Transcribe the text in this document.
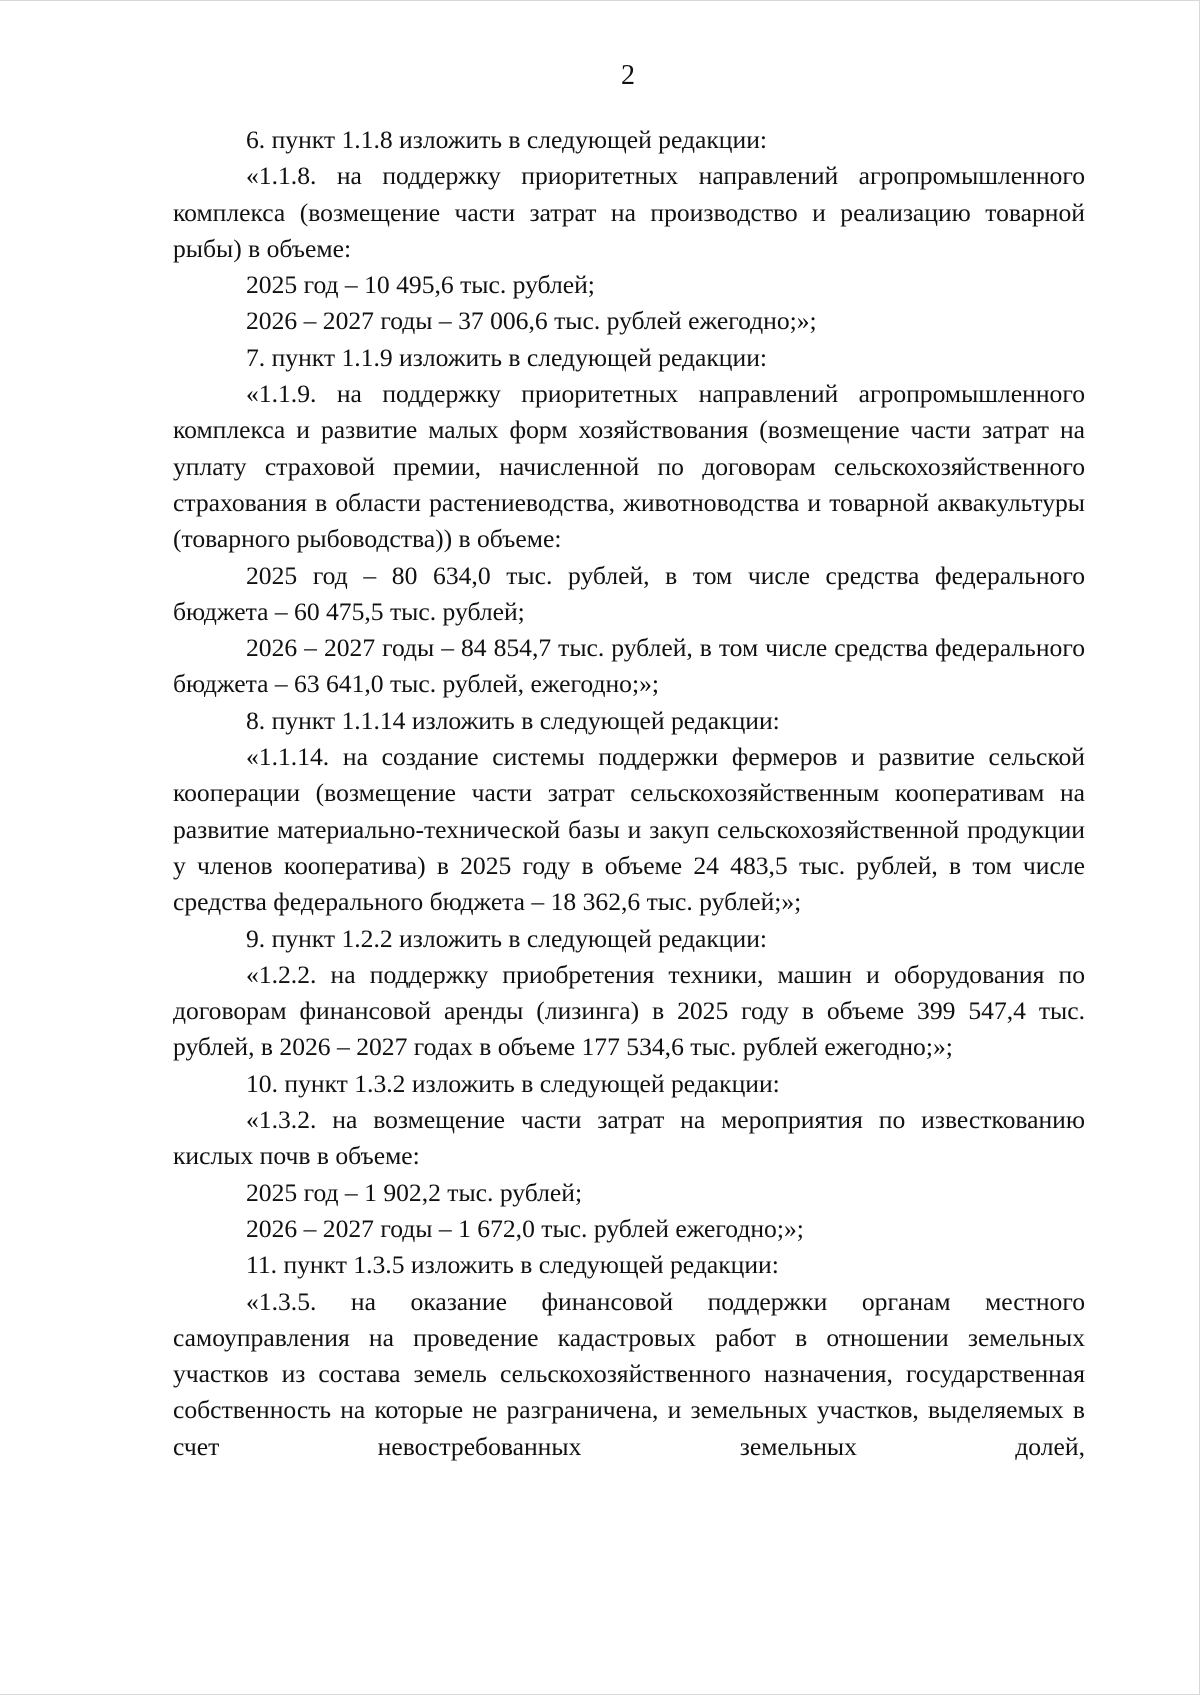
2

6. пункт 1.1.8 изложить в следующей редакции:

«1.1.8. на поддержку приоритетных направлений агропромышленного комплекса (возмещение части затрат на производство и реализацию товарной рыбы) в объеме:

2025 год – 10 495,6 тыс. рублей;

2026 – 2027 годы – 37 006,6 тыс. рублей ежегодно;»;

7. пункт 1.1.9 изложить в следующей редакции:

«1.1.9. на поддержку приоритетных направлений агропромышленного комплекса и развитие малых форм хозяйствования (возмещение части затрат на уплату страховой премии, начисленной по договорам сельскохозяйственного страхования в области растениеводства, животноводства и товарной аквакультуры (товарного рыбоводства)) в объеме:

2025 год – 80 634,0 тыс. рублей, в том числе средства федерального бюджета – 60 475,5 тыс. рублей;

2026 – 2027 годы – 84 854,7 тыс. рублей, в том числе средства федерального бюджета – 63 641,0 тыс. рублей, ежегодно;»;

8. пункт 1.1.14 изложить в следующей редакции:

«1.1.14. на создание системы поддержки фермеров и развитие сельской кооперации (возмещение части затрат сельскохозяйственным кооперативам на развитие материально-технической базы и закуп сельскохозяйственной продукции у членов кооператива) в 2025 году в объеме 24 483,5 тыс. рублей, в том числе средства федерального бюджета – 18 362,6 тыс. рублей;»;

9. пункт 1.2.2 изложить в следующей редакции:

«1.2.2. на поддержку приобретения техники, машин и оборудования по договорам финансовой аренды (лизинга) в 2025 году в объеме 399 547,4 тыс. рублей, в 2026 – 2027 годах в объеме 177 534,6 тыс. рублей ежегодно;»;

10. пункт 1.3.2 изложить в следующей редакции:

«1.3.2. на возмещение части затрат на мероприятия по известкованию кислых почв в объеме:

2025 год – 1 902,2 тыс. рублей;

2026 – 2027 годы – 1 672,0 тыс. рублей ежегодно;»;

11. пункт 1.3.5 изложить в следующей редакции:

«1.3.5. на оказание финансовой поддержки органам местного самоуправления на проведение кадастровых работ в отношении земельных участков из состава земель сельскохозяйственного назначения, государственная собственность на которые не разграничена, и земельных участков, выделяемых в счет невостребованных земельных долей,
